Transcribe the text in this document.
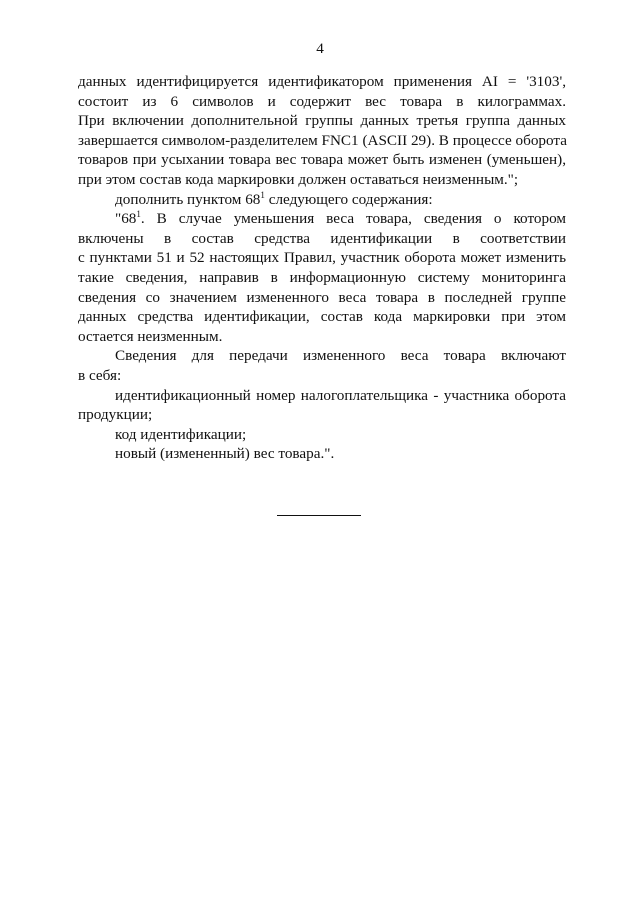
4

данных идентифицируется идентификатором применения AI = '3103',
состоит из 6 символов и содержит вес товара в килограммах.
При включении дополнительной группы данных третья группа данных
завершается символом-разделителем FNC1 (ASCII 29). В процессе оборота
товаров при усыхании товара вес товара может быть изменен (уменьшен),
при этом состав кода маркировки должен оставаться неизменным.";

дополнить пунктом $68^1$ следующего содержания:

"$68^1$. В случае уменьшения веса товара, сведения о котором
включены в состав средства идентификации в соответствии
с пунктами 51 и 52 настоящих Правил, участник оборота может изменить
такие сведения, направив в информационную систему мониторинга
сведения со значением измененного веса товара в последней группе
данных средства идентификации, состав кода маркировки при этом
остается неизменным.

Сведения для передачи измененного веса товара включают
в себя:

идентификационный номер налогоплательщика - участника оборота
продукции;

код идентификации;

новый (измененный) вес товара.".
